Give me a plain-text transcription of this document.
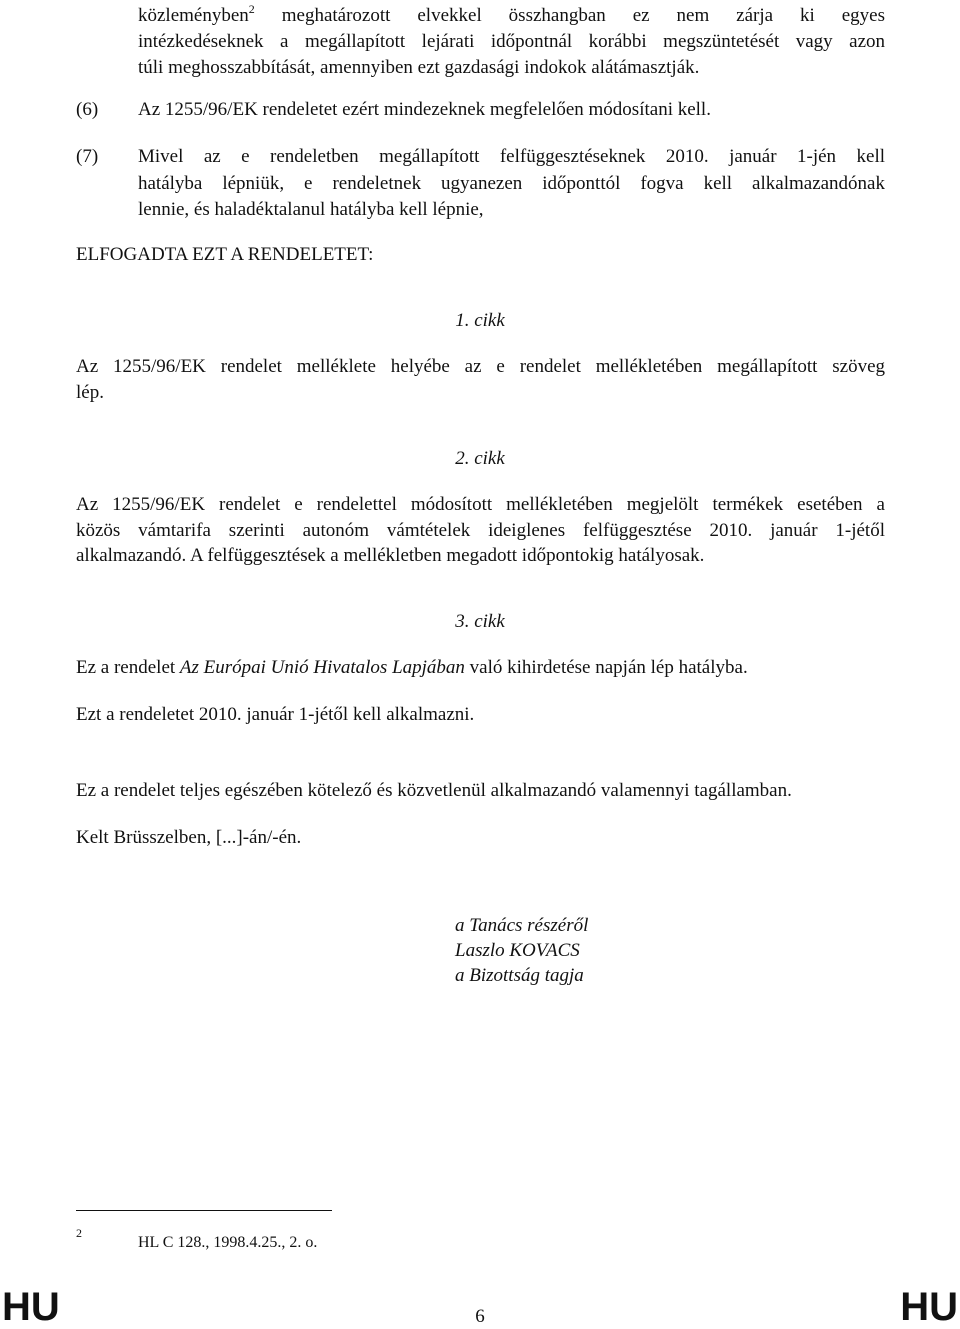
közleményben$^2$ meghatározott elvekkel összhangban ez nem zárja ki egyes
intézkedéseknek a megállapított lejárati időpontnál korábbi megszüntetését vagy azon
túli meghosszabbítását, amennyiben ezt gazdasági indokok alátámasztják.
(6) Az 1255/96/EK rendeletet ezért mindezeknek megfelelően módosítani kell.
(7) Mivel az e rendeletben megállapított felfüggesztéseknek 2010. január 1-jén kell
hatályba lépniük, e rendeletnek ugyanezen időponttól fogva kell alkalmazandónak
lennie, és haladéktalanul hatályba kell lépnie,
ELFOGADTA EZT A RENDELETET:
1. cikk
Az 1255/96/EK rendelet melléklete helyébe az e rendelet mellékletében megállapított szöveg
lép.
2. cikk
Az 1255/96/EK rendelet e rendelettel módosított mellékletében megjelölt termékek esetében a
közös vámtarifa szerinti autonóm vámtételek ideiglenes felfüggesztése 2010. január 1-jétől
alkalmazandó. A felfüggesztések a mellékletben megadott időpontokig hatályosak.
3. cikk
Ez a rendelet Az Európai Unió Hivatalos Lapjában való kihirdetése napján lép hatályba.
Ezt a rendeletet 2010. január 1-jétől kell alkalmazni.
Ez a rendelet teljes egészében kötelező és közvetlenül alkalmazandó valamennyi tagállamban.
Kelt Brüsszelben, [...]-án/-én.
a Tanács részéről
Laszlo KOVACS
a Bizottság tagja
2
HL C 128., 1998.4.25., 2. o.
HU	6	HU
